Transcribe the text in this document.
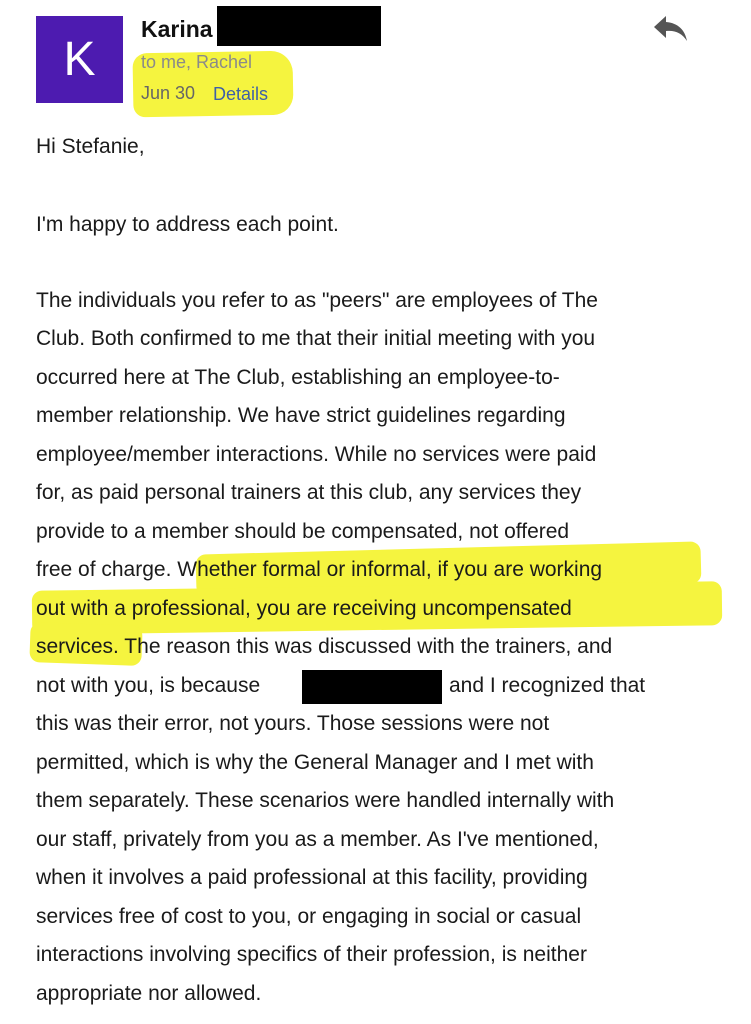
K
Karina
to me, Rachel
Jun 30 Details
Hi Stefanie,
I'm happy to address each point.
The individuals you refer to as "peers" are employees of The
Club. Both confirmed to me that their initial meeting with you
occurred here at The Club, establishing an employee-to-
member relationship. We have strict guidelines regarding
employee/member interactions. While no services were paid
for, as paid personal trainers at this club, any services they
provide to a member should be compensated, not offered
free of charge. Whether formal or informal, if you are working
out with a professional, you are receiving uncompensated
services. The reason this was discussed with the trainers, and
not with you, is because	and I recognized that
this was their error, not yours. Those sessions were not
permitted, which is why the General Manager and I met with
them separately. These scenarios were handled internally with
our staff, privately from you as a member. As I've mentioned,
when it involves a paid professional at this facility, providing
services free of cost to you, or engaging in social or casual
interactions involving specifics of their profession, is neither
appropriate nor allowed.
